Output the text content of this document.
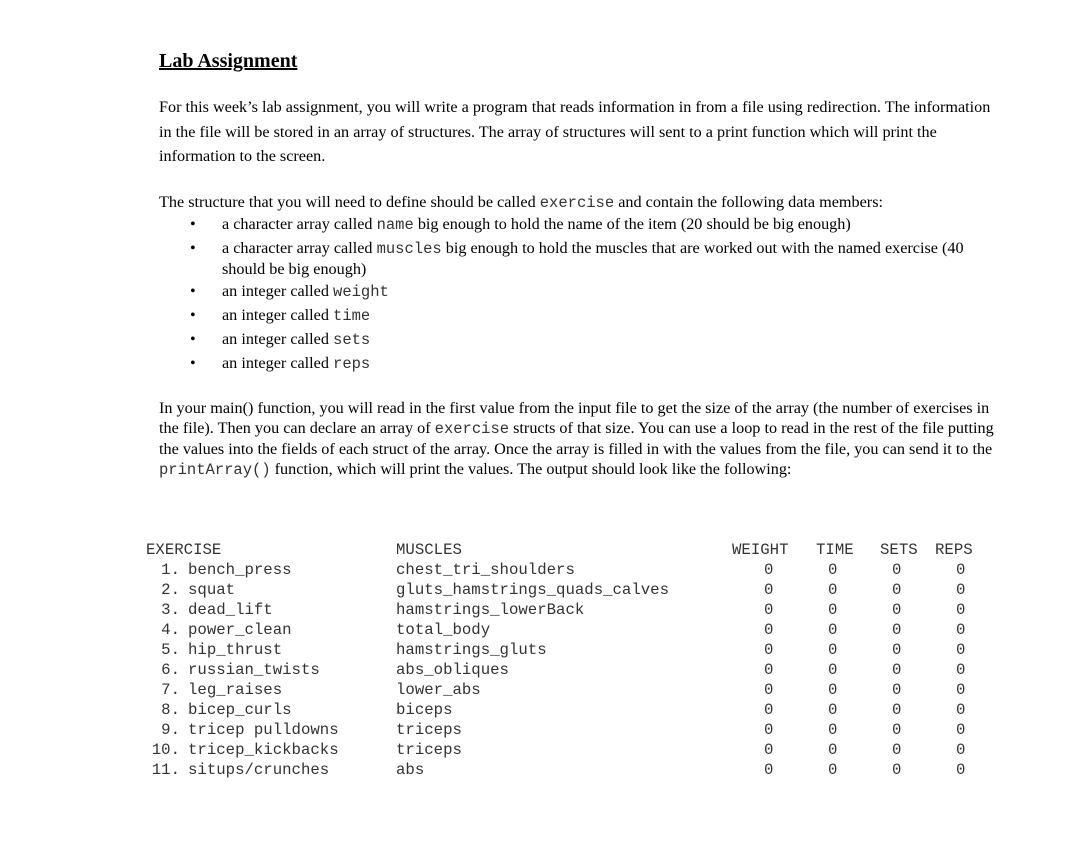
Lab Assignment

For this week’s lab assignment, you will write a program that reads information in from a file using redirection. The information in the file will be stored in an array of structures. The array of structures will sent to a print function which will print the information to the screen.

The structure that you will need to define should be called exercise and contain the following data members:

• a character array called name big enough to hold the name of the item (20 should be big enough)
• a character array called muscles big enough to hold the muscles that are worked out with the named exercise (40 should be big enough)
• an integer called weight
• an integer called time
• an integer called sets
• an integer called reps

In your main() function, you will read in the first value from the input file to get the size of the array (the number of exercises in the file). Then you can declare an array of exercise structs of that size. You can use a loop to read in the rest of the file putting the values into the fields of each struct of the array. Once the array is filled in with the values from the file, you can send it to the printArray() function, which will print the values. The output should look like the following:

EXERCISE	MUSCLES	WEIGHT TIME SETS REPS
1. bench_press	chest_tri_shoulders	0	0	0	0
2. squat	gluts_hamstrings_quads_calves	0	0	0	0
3. dead_lift	hamstrings_lowerBack	0	0	0	0
4. power_clean	total_body	0	0	0	0
5. hip_thrust	hamstrings_gluts	0	0	0	0
6. russian_twists	abs_obliques	0	0	0	0
7. leg_raises	lower_abs	0	0	0	0
8. bicep_curls	biceps	0	0	0	0
9. tricep pulldowns	triceps	0	0	0	0
10. tricep_kickbacks	triceps	0	0	0	0
11. situps/crunches	abs	0	0	0	0
